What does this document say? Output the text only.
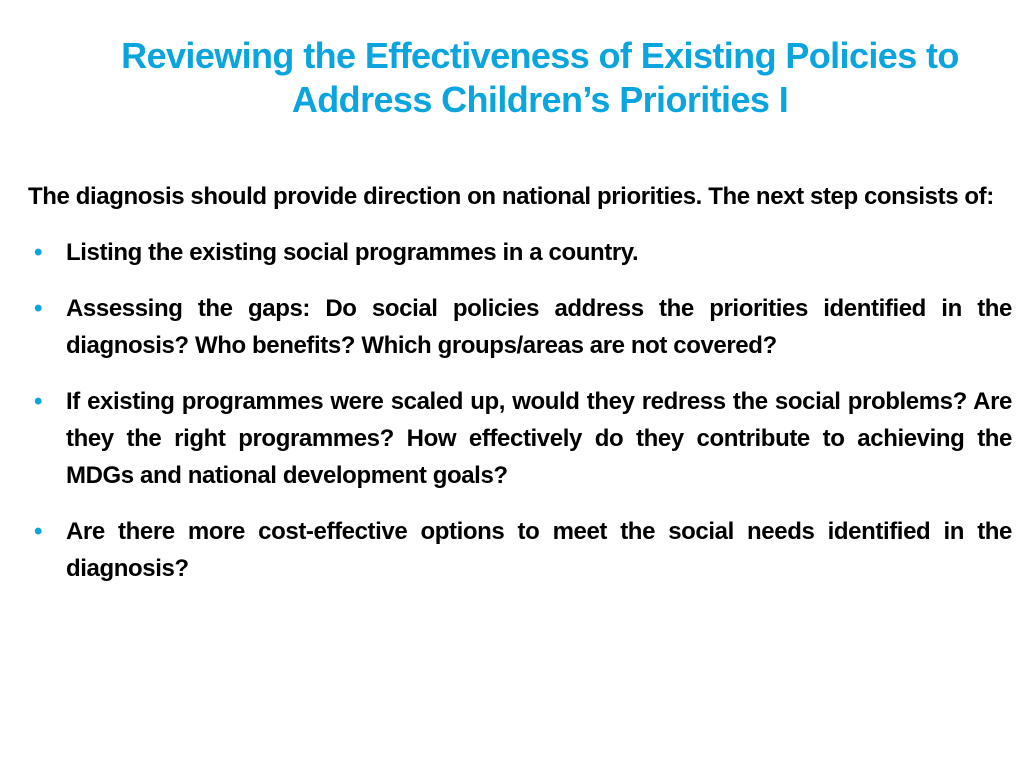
Reviewing the Effectiveness of Existing Policies to
Address Children’s Priorities I

The diagnosis should provide direction on national priorities. The next step consists of:

• Listing the existing social programmes in a country.
• Assessing the gaps: Do social policies address the priorities identified in the diagnosis? Who benefits? Which groups/areas are not covered?
• If existing programmes were scaled up, would they redress the social problems? Are they the right programmes? How effectively do they contribute to achieving the MDGs and national development goals?
• Are there more cost-effective options to meet the social needs identified in the diagnosis?
